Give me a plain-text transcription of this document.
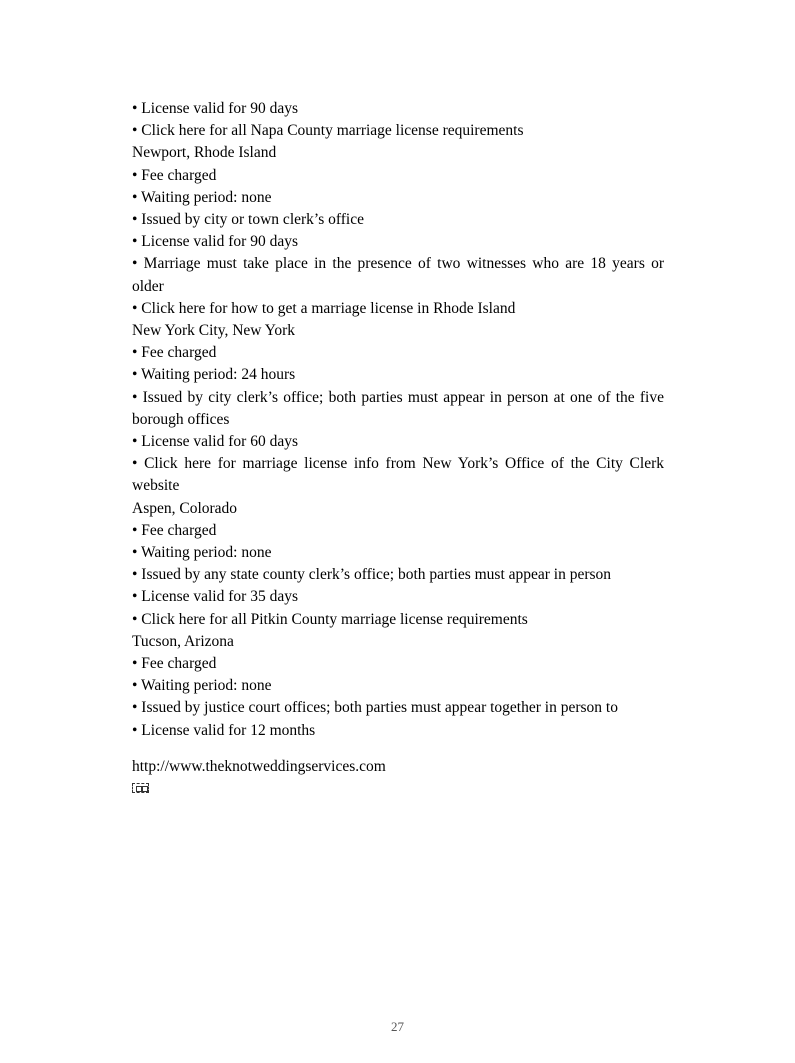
• License valid for 90 days
• Click here for all Napa County marriage license requirements
Newport, Rhode Island
• Fee charged
• Waiting period: none
• Issued by city or town clerk’s office
• License valid for 90 days
• Marriage must take place in the presence of two witnesses who are 18 years or older
• Click here for how to get a marriage license in Rhode Island
New York City, New York
• Fee charged
• Waiting period: 24 hours
• Issued by city clerk’s office; both parties must appear in person at one of the five borough offices
• License valid for 60 days
• Click here for marriage license info from New York’s Office of the City Clerk website
Aspen, Colorado
• Fee charged
• Waiting period: none
• Issued by any state county clerk’s office; both parties must appear in person
• License valid for 35 days
• Click here for all Pitkin County marriage license requirements
Tucson, Arizona
• Fee charged
• Waiting period: none
• Issued by justice court offices; both parties must appear together in person to
• License valid for 12 months
http://www.theknotweddingservices.com
27
